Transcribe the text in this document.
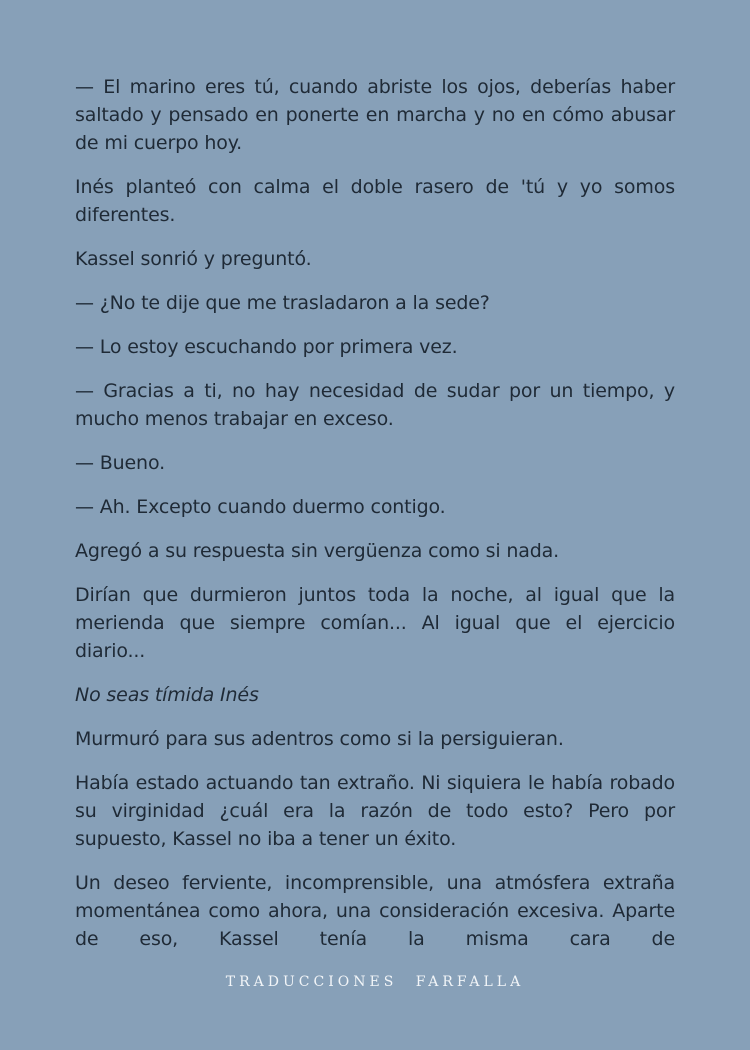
— El marino eres tú, cuando abriste los ojos, deberías haber saltado y pensado en ponerte en marcha y no en cómo abusar de mi cuerpo hoy.

Inés planteó con calma el doble rasero de 'tú y yo somos diferentes.

Kassel sonrió y preguntó.

— ¿No te dije que me trasladaron a la sede?

— Lo estoy escuchando por primera vez.

— Gracias a ti, no hay necesidad de sudar por un tiempo, y mucho menos trabajar en exceso.

— Bueno.

— Ah. Excepto cuando duermo contigo.

Agregó a su respuesta sin vergüenza como si nada.

Dirían que durmieron juntos toda la noche, al igual que la merienda que siempre comían... Al igual que el ejercicio diario...

No seas tímida Inés

Murmuró para sus adentros como si la persiguieran.

Había estado actuando tan extraño. Ni siquiera le había robado su virginidad ¿cuál era la razón de todo esto? Pero por supuesto, Kassel no iba a tener un éxito.

Un deseo ferviente, incomprensible, una atmósfera extraña momentánea como ahora, una consideración excesiva. Aparte de eso, Kassel tenía la misma cara de

TRADUCCIONES FARFALLA
